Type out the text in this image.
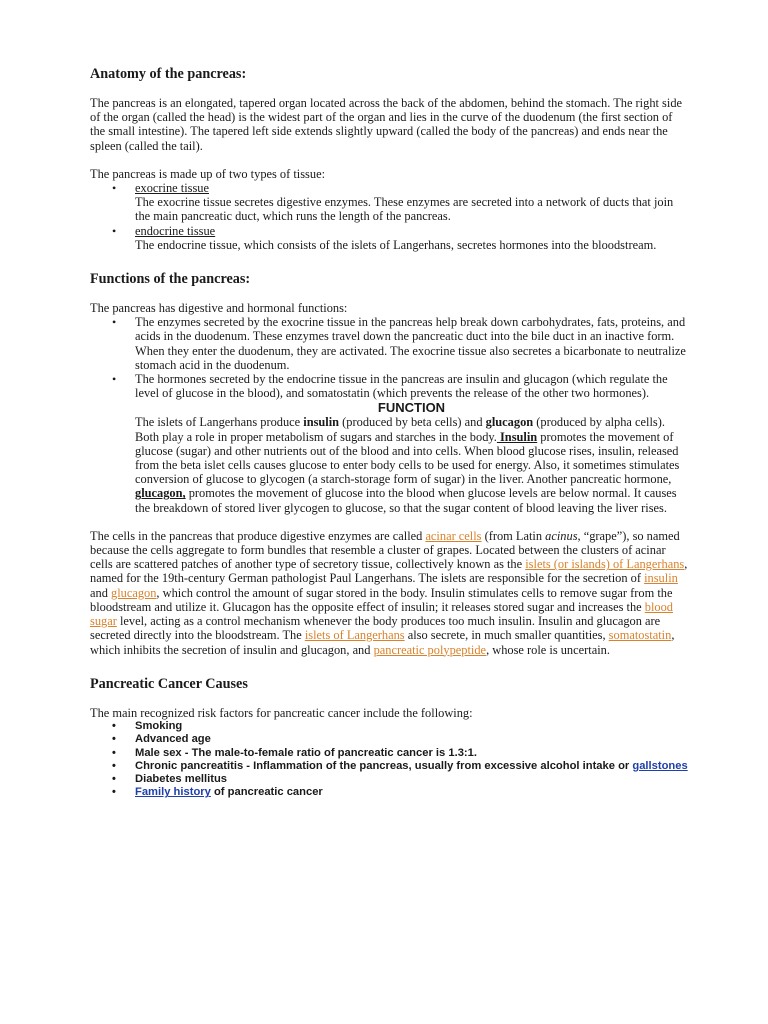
Anatomy of the pancreas:

The pancreas is an elongated, tapered organ located across the back of the abdomen, behind the stomach. The right side of the organ (called the head) is the widest part of the organ and lies in the curve of the duodenum (the first section of the small intestine). The tapered left side extends slightly upward (called the body of the pancreas) and ends near the spleen (called the tail).

The pancreas is made up of two types of tissue:

• exocrine tissue
The exocrine tissue secretes digestive enzymes. These enzymes are secreted into a network of ducts that join the main pancreatic duct, which runs the length of the pancreas.
• endocrine tissue
The endocrine tissue, which consists of the islets of Langerhans, secretes hormones into the bloodstream.
Functions of the pancreas:

The pancreas has digestive and hormonal functions:

• The enzymes secreted by the exocrine tissue in the pancreas help break down carbohydrates, fats, proteins, and acids in the duodenum. These enzymes travel down the pancreatic duct into the bile duct in an inactive form. When they enter the duodenum, they are activated. The exocrine tissue also secretes a bicarbonate to neutralize stomach acid in the duodenum.
• The hormones secreted by the endocrine tissue in the pancreas are insulin and glucagon (which regulate the level of glucose in the blood), and somatostatin (which prevents the release of the other two hormones).
FUNCTION

The islets of Langerhans produce insulin (produced by beta cells) and glucagon (produced by alpha cells). Both play a role in proper metabolism of sugars and starches in the body. Insulin promotes the movement of glucose (sugar) and other nutrients out of the blood and into cells. When blood glucose rises, insulin, released from the beta islet cells causes glucose to enter body cells to be used for energy. Also, it sometimes stimulates conversion of glucose to glycogen (a starch-storage form of sugar) in the liver. Another pancreatic hormone, glucagon, promotes the movement of glucose into the blood when glucose levels are below normal. It causes the breakdown of stored liver glycogen to glucose, so that the sugar content of blood leaving the liver rises.

The cells in the pancreas that produce digestive enzymes are called acinar cells (from Latin acinus, “grape”), so named because the cells aggregate to form bundles that resemble a cluster of grapes. Located between the clusters of acinar cells are scattered patches of another type of secretory tissue, collectively known as the islets (or islands) of Langerhans, named for the 19th-century German pathologist Paul Langerhans. The islets are responsible for the secretion of insulin and glucagon, which control the amount of sugar stored in the body. Insulin stimulates cells to remove sugar from the bloodstream and utilize it. Glucagon has the opposite effect of insulin; it releases stored sugar and increases the blood sugar level, acting as a control mechanism whenever the body produces too much insulin. Insulin and glucagon are secreted directly into the bloodstream. The islets of Langerhans also secrete, in much smaller quantities, somatostatin, which inhibits the secretion of insulin and glucagon, and pancreatic polypeptide, whose role is uncertain.

Pancreatic Cancer Causes

The main recognized risk factors for pancreatic cancer include the following:

• Smoking
• Advanced age
• Male sex - The male-to-female ratio of pancreatic cancer is 1.3:1.
• Chronic pancreatitis - Inflammation of the pancreas, usually from excessive alcohol intake or gallstones
• Diabetes mellitus
• Family history of pancreatic cancer
